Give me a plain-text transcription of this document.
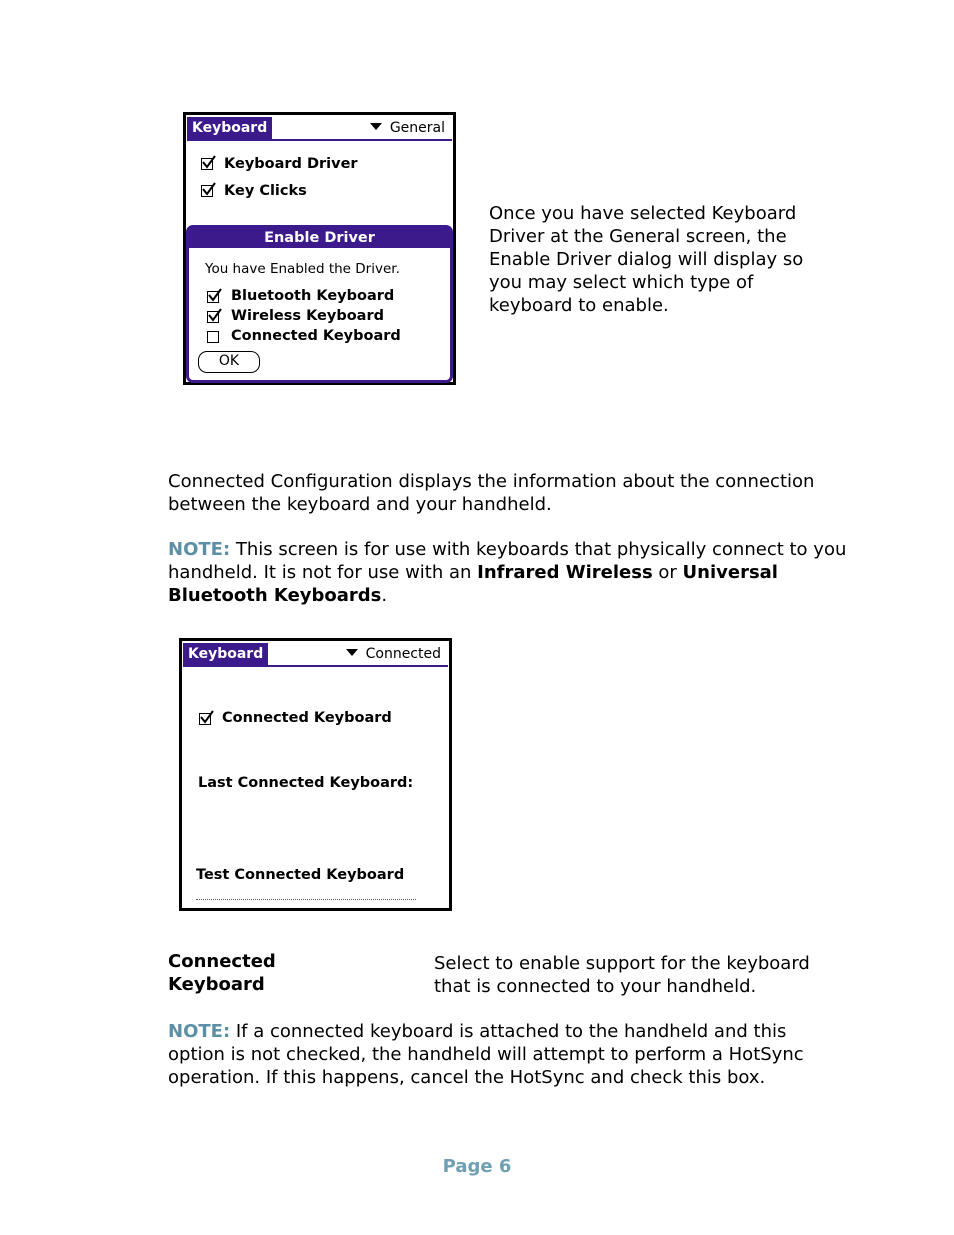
Keyboard	General
Keyboard Driver
Key Clicks
Enable Driver
You have Enabled the Driver.
Bluetooth Keyboard
Wireless Keyboard
Connected Keyboard
OK
Once you have selected Keyboard Driver at the General screen, the Enable Driver dialog will display so you may select which type of keyboard to enable.
Connected Configuration displays the information about the connection between the keyboard and your handheld.
NOTE: This screen is for use with keyboards that physically connect to you handheld. It is not for use with an Infrared Wireless or Universal Bluetooth Keyboards.
Keyboard	Connected
Connected Keyboard
Last Connected Keyboard:
Test Connected Keyboard
Connected Keyboard
Select to enable support for the keyboard that is connected to your handheld.
NOTE: If a connected keyboard is attached to the handheld and this option is not checked, the handheld will attempt to perform a HotSync operation. If this happens, cancel the HotSync and check this box.
Page 6
